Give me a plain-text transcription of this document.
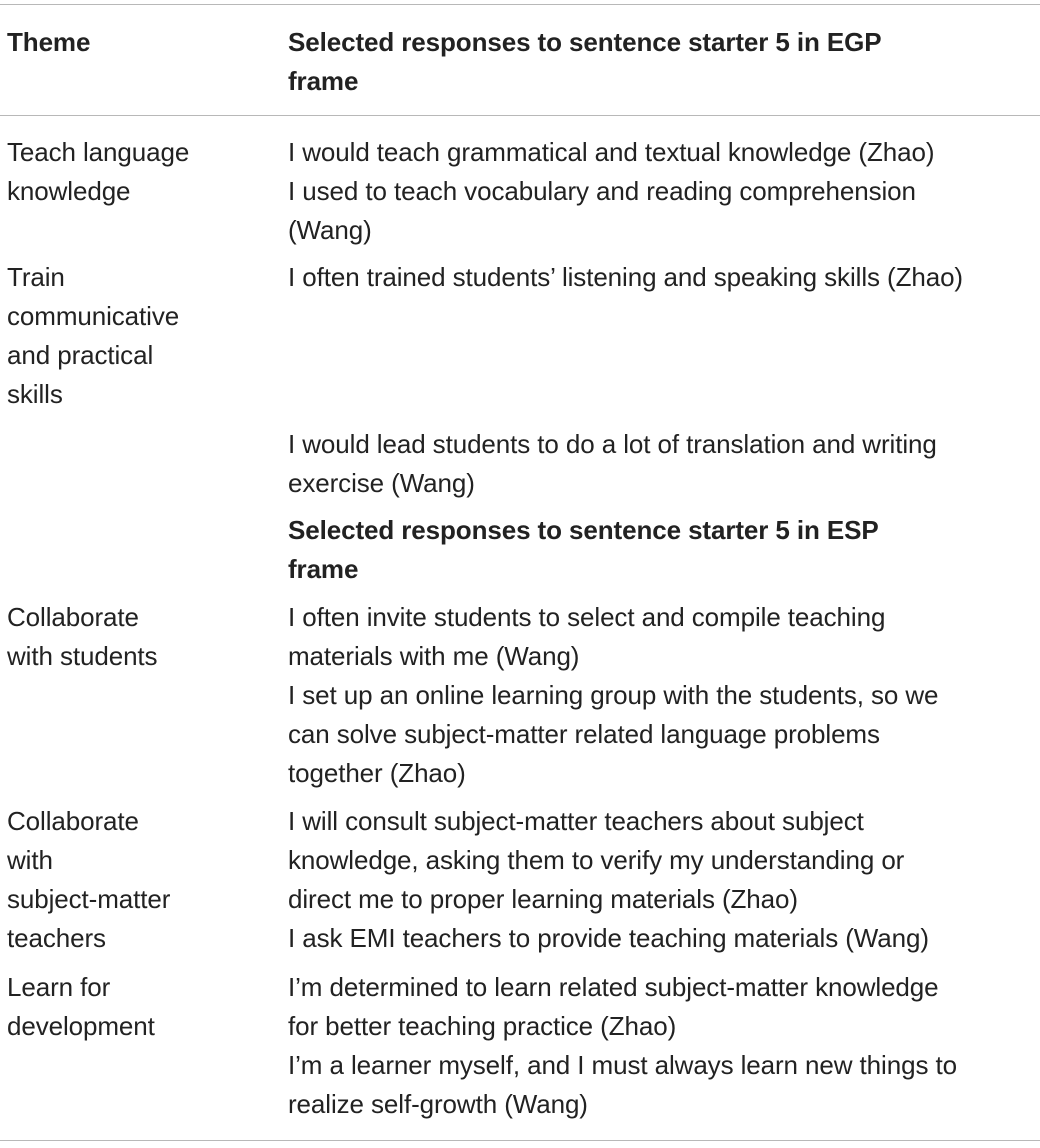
Theme	Selected responses to sentence starter 5 in EGP
frame
Teach language
knowledge
I would teach grammatical and textual knowledge (Zhao)
I used to teach vocabulary and reading comprehension
(Wang)
Train
communicative
and practical
skills
I often trained students’ listening and speaking skills (Zhao)
I would lead students to do a lot of translation and writing
exercise (Wang)
Selected responses to sentence starter 5 in ESP
frame
Collaborate
with students
I often invite students to select and compile teaching
materials with me (Wang)
I set up an online learning group with the students, so we
can solve subject-matter related language problems
together (Zhao)
Collaborate
with
subject-matter
teachers
I will consult subject-matter teachers about subject
knowledge, asking them to verify my understanding or
direct me to proper learning materials (Zhao)
I ask EMI teachers to provide teaching materials (Wang)
Learn for
development
I’m determined to learn related subject-matter knowledge
for better teaching practice (Zhao)
I’m a learner myself, and I must always learn new things to
realize self-growth (Wang)
